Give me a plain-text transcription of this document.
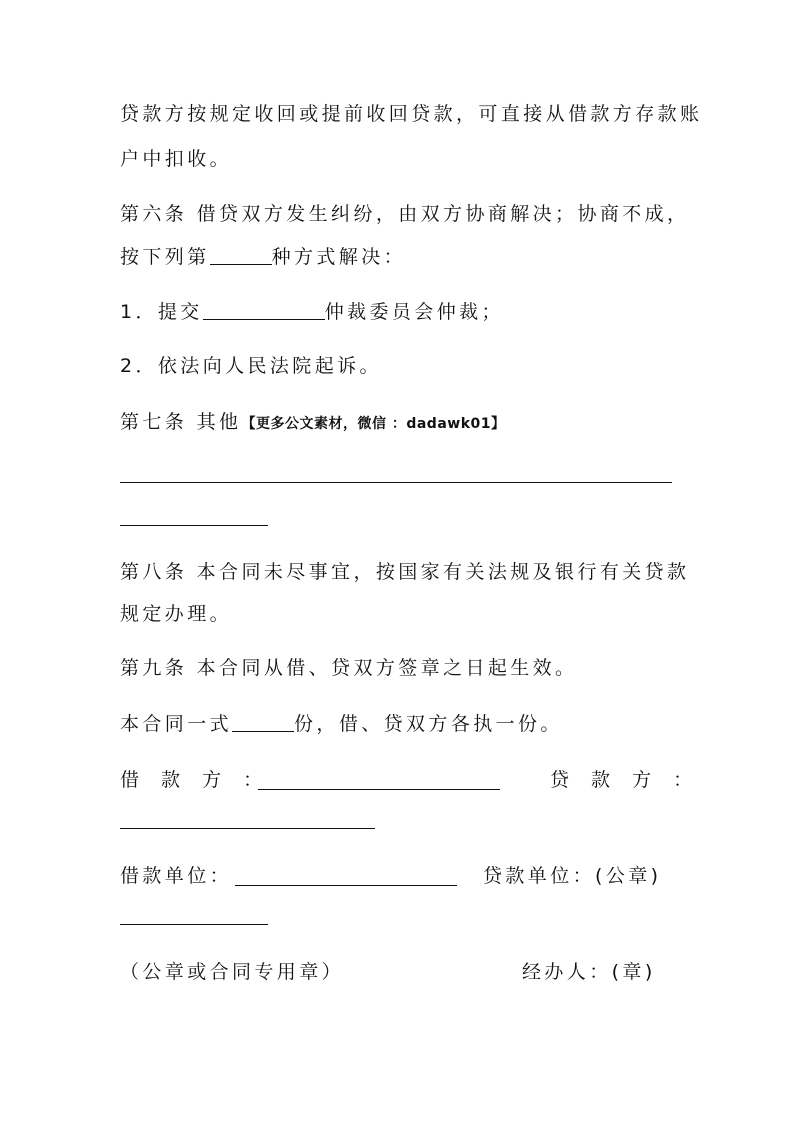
贷款方按规定收回或提前收回贷款，可直接从借款方存款账
户中扣收。
第六条 借贷双方发生纠纷，由双方协商解决；协商不成，
按下列第	种方式解决：
1．提交	仲裁委员会仲裁；
2．依法向人民法院起诉。
第七条 其他【更多公文素材，微信 ：dadawk01】
第八条 本合同未尽事宜，按国家有关法规及银行有关贷款
规定办理。
第九条 本合同从借、贷双方签章之日起生效。
本合同一式	份，借、贷双方各执一份。
借 款 方 ：	贷 款 方 ：
借款单位：	贷款单位：(公章)
（公章或合同专用章）	经办人：(章)
